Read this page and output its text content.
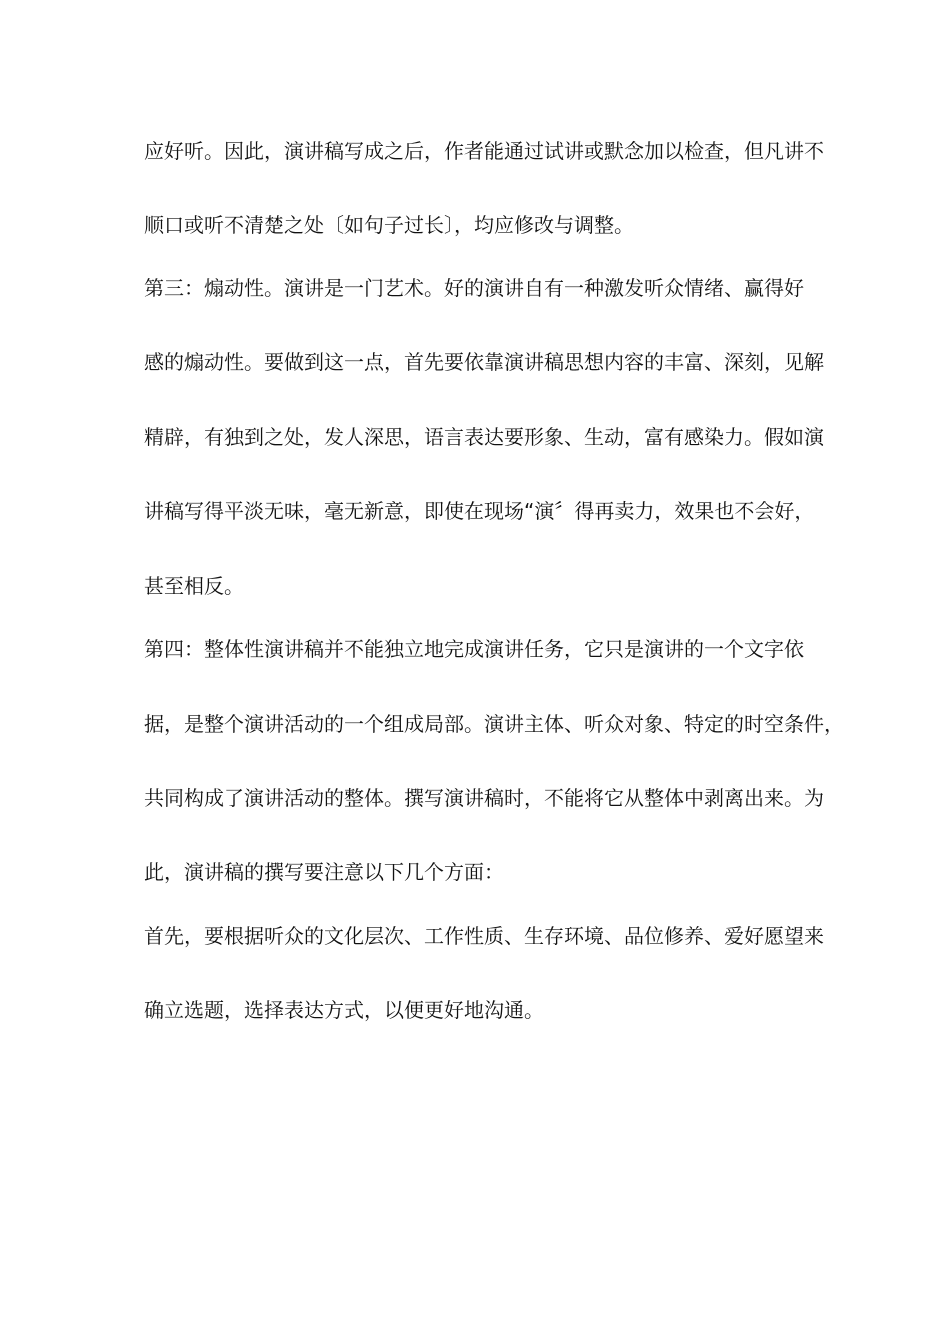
应好听。因此，演讲稿写成之后，作者能通过试讲或默念加以检查，但凡讲不
顺口或听不清楚之处〔如句子过长〕，均应修改与调整。
第三：煽动性。演讲是一门艺术。好的演讲自有一种激发听众情绪、赢得好
感的煽动性。要做到这一点，首先要依靠演讲稿思想内容的丰富、深刻，见解
精辟，有独到之处，发人深思，语言表达要形象、生动，富有感染力。假如演
讲稿写得平淡无味，毫无新意，即使在现场“演〞得再卖力，效果也不会好，
甚至相反。
第四：整体性演讲稿并不能独立地完成演讲任务，它只是演讲的一个文字依
据，是整个演讲活动的一个组成局部。演讲主体、听众对象、特定的时空条件，
共同构成了演讲活动的整体。撰写演讲稿时，不能将它从整体中剥离出来。为
此，演讲稿的撰写要注意以下几个方面：
首先，要根据听众的文化层次、工作性质、生存环境、品位修养、爱好愿望来
确立选题，选择表达方式，以便更好地沟通。
